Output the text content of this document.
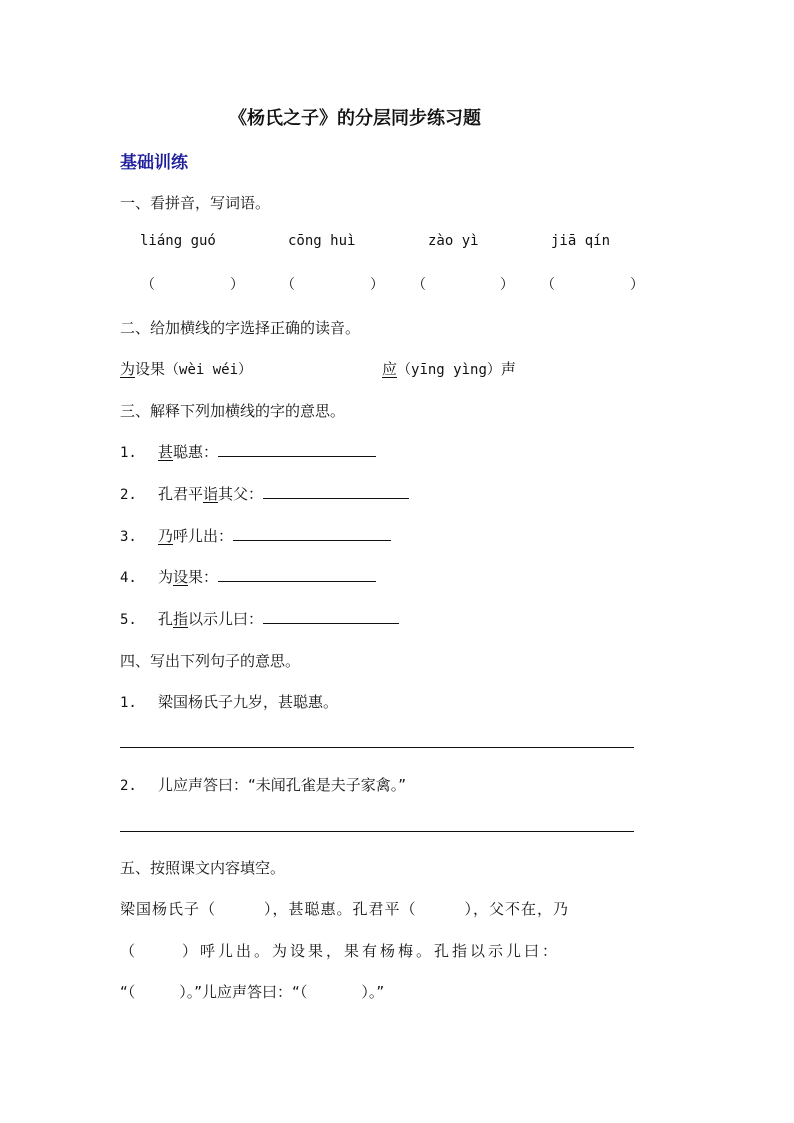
《杨氏之子》的分层同步练习题
基础训练
一、看拼音，写词语。
liáng guó	cōng huì	zào yì	jiā qín
（	）	（	） （	） （	）
二、给加横线的字选择正确的读音。
为设果（wèi wéi）	应（yīng yìng）声
三、解释下列加横线的字的意思。
1. 甚聪惠：
2. 孔君平诣其父：
3. 乃呼儿出：
4. 为设果：
5. 孔指以示儿曰：
四、写出下列句子的意思。
1. 梁国杨氏子九岁，甚聪惠。
2. 儿应声答曰：“未闻孔雀是夫子家禽。”
五、按照课文内容填空。
梁国杨氏子（	），甚聪惠。孔君平（	），父不在，乃
（	）呼儿出。为设果，果有杨梅。孔指以示儿曰：
“（	）。”儿应声答曰：“（	）。”
